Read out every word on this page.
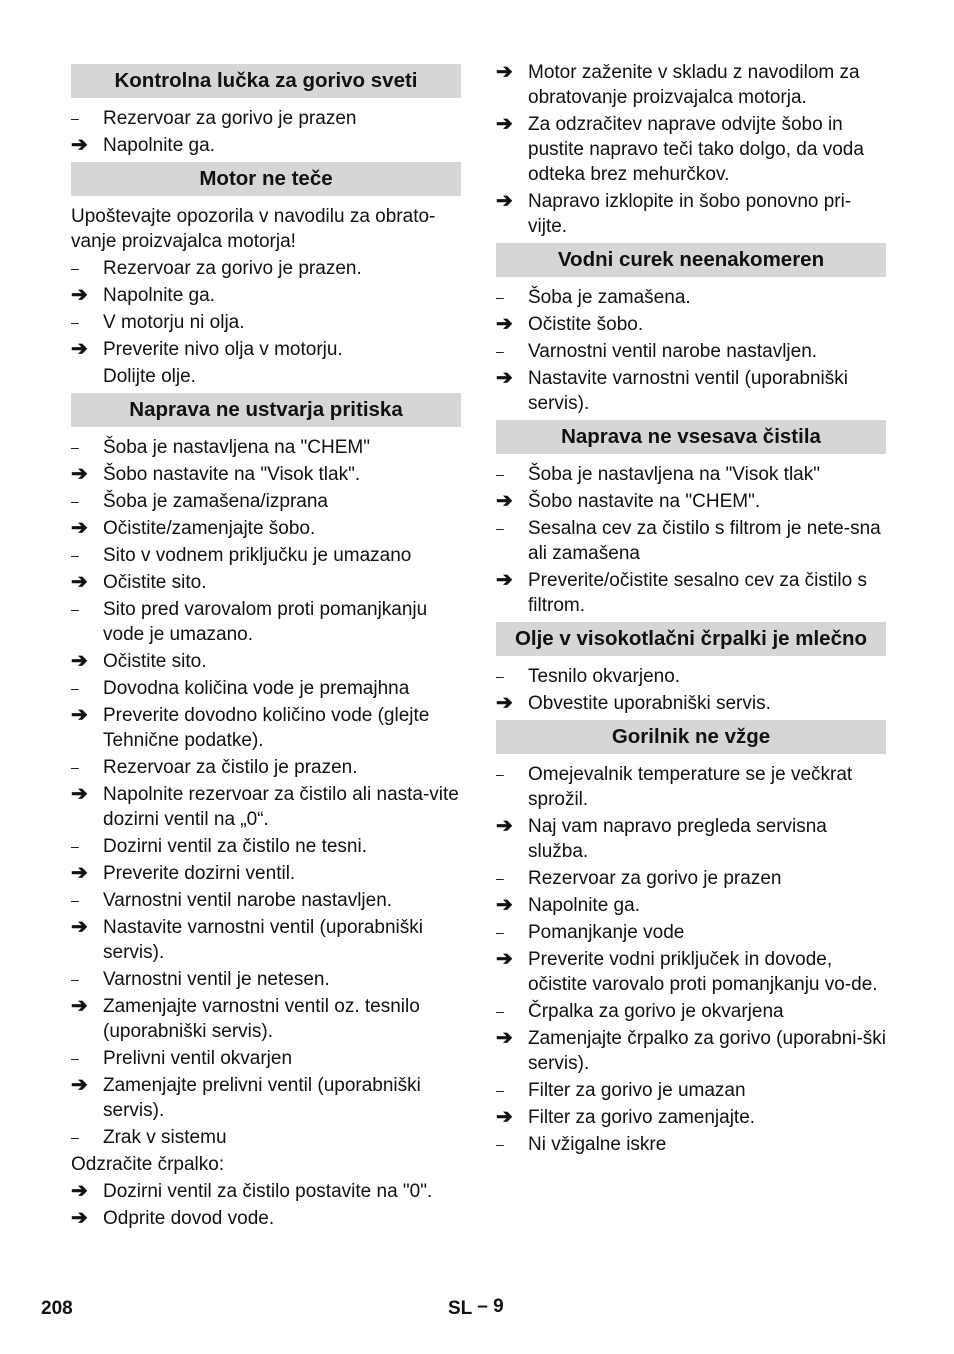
Kontrolna lučka za gorivo sveti
–	Rezervoar za gorivo je prazen
➔ Napolnite ga.
Motor ne teče
Upoštevajte opozorila v navodilu za obrato-vanje proizvajalca motorja!
–	Rezervoar za gorivo je prazen.
➔ Napolnite ga.
–	V motorju ni olja.
➔ Preverite nivo olja v motorju.
Dolijte olje.
Naprava ne ustvarja pritiska
–	Šoba je nastavljena na "CHEM"
➔ Šobo nastavite na "Visok tlak".
–	Šoba je zamašena/izprana
➔ Očistite/zamenjajte šobo.
–	Sito v vodnem priključku je umazano
➔ Očistite sito.
–	Sito pred varovalom proti pomanjkanju vode je umazano.
➔ Očistite sito.
–	Dovodna količina vode je premajhna
➔ Preverite dovodno količino vode (glejte Tehnične podatke).
–	Rezervoar za čistilo je prazen.
➔ Napolnite rezervoar za čistilo ali nasta-vite dozirni ventil na „0“.
–	Dozirni ventil za čistilo ne tesni.
➔ Preverite dozirni ventil.
–	Varnostni ventil narobe nastavljen.
➔ Nastavite varnostni ventil (uporabniški servis).
–	Varnostni ventil je netesen.
➔ Zamenjajte varnostni ventil oz. tesnilo (uporabniški servis).
–	Prelivni ventil okvarjen
➔ Zamenjajte prelivni ventil (uporabniški servis).
–	Zrak v sistemu
Odzračite črpalko:
➔ Dozirni ventil za čistilo postavite na "0".
➔ Odprite dovod vode.
➔ Motor zaženite v skladu z navodilom za obratovanje proizvajalca motorja.
➔ Za odzračitev naprave odvijte šobo in pustite napravo teči tako dolgo, da voda odteka brez mehurčkov.
➔ Napravo izklopite in šobo ponovno pri-vijte.
Vodni curek neenakomeren
–	Šoba je zamašena.
➔ Očistite šobo.
–	Varnostni ventil narobe nastavljen.
➔ Nastavite varnostni ventil (uporabniški servis).
Naprava ne vsesava čistila
–	Šoba je nastavljena na "Visok tlak"
➔ Šobo nastavite na "CHEM".
–	Sesalna cev za čistilo s filtrom je nete-sna ali zamašena
➔ Preverite/očistite sesalno cev za čistilo s filtrom.
Olje v visokotlačni črpalki je mlečno
–	Tesnilo okvarjeno.
➔ Obvestite uporabniški servis.
Gorilnik ne vžge
–	Omejevalnik temperature se je večkrat sprožil.
➔ Naj vam napravo pregleda servisna služba.
–	Rezervoar za gorivo je prazen
➔ Napolnite ga.
–	Pomanjkanje vode
➔ Preverite vodni priključek in dovode, očistite varovalo proti pomanjkanju vo-de.
–	Črpalka za gorivo je okvarjena
➔ Zamenjajte črpalko za gorivo (uporabni-ški servis).
–	Filter za gorivo je umazan
➔ Filter za gorivo zamenjajte.
–	Ni vžigalne iskre
208	SL – 9
